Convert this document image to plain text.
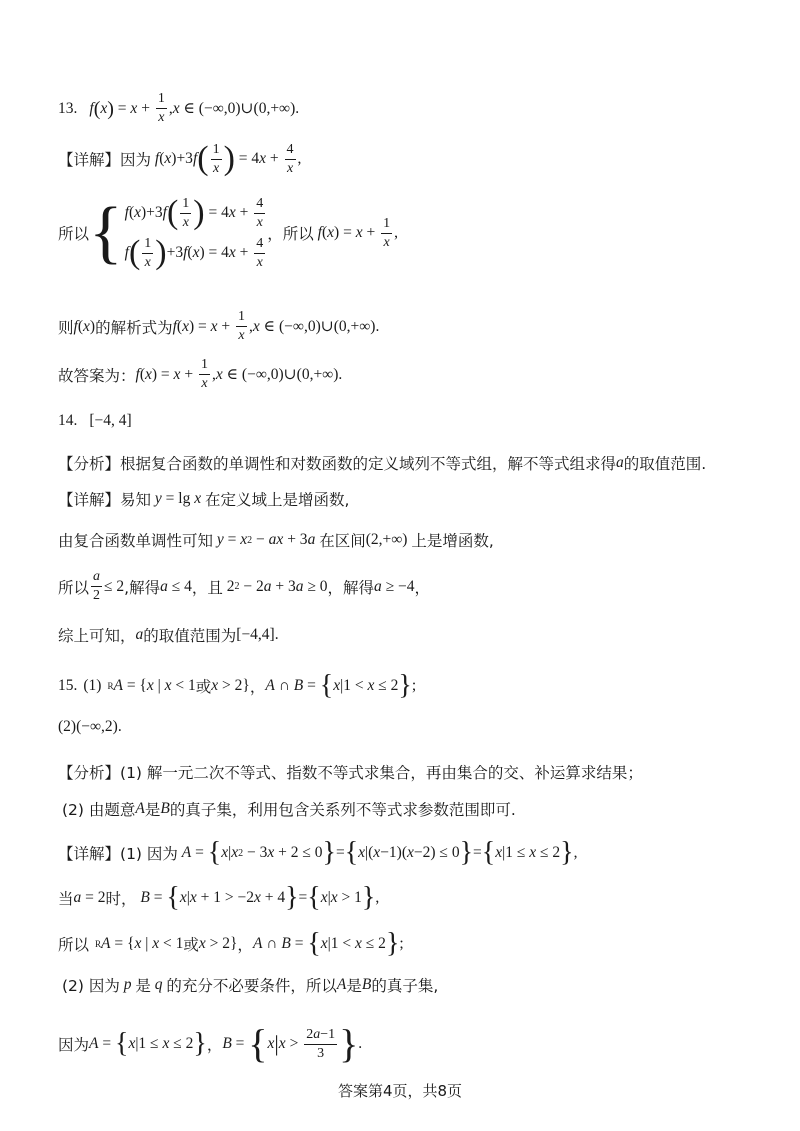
13. f ( x ) = $x + \frac{1}{x}$ , x ∈ (−∞,0)∪(0,+∞).
【详解】 因为 f ( x )+3 f ( $\frac{1}{x}$ ) = 4 $x + \frac{4}{x}$ ,
所以 { f ( x )+3 f ( $\frac{1}{x}$ ) = 4 $x + \frac{4}{x}$
f ( $\frac{1}{x}$ ) +3 f ( x ) = 4 $x + \frac{4}{x}$
，所以 f ( x ) = $x + \frac{1}{x}$ ,
则 f ( x ) 的解析式为 f ( x ) = $x + \frac{1}{x}$ , x ∈ (−∞,0)∪(0,+∞).
故答案为： f ( x ) = $x + \frac{1}{x}$ , x ∈ (−∞,0)∪(0,+∞).
14. [−4, 4]
【分析】 根据复合函数的单调性和对数函数的定义域列不等式组，解不等式组求得 a 的取值范围.
【详解】 易知 y = lg x 在定义域上是增函数,
由复合函数单调性可知 y = x 2 − ax + 3 a 在区间 (2,+∞) 上是增函数,
所以 $\frac{a}{2} \le 2$ ,解得 a ≤ 4 ，且 2 2 − 2 a + 3 a ≥ 0 ，解得 a ≥ −4 ，
综上可知， a 的取值范围为 [−4,4].
15. (1) R A = { x | x < 1 或 x > 2} ， A ∩ B = { x |1 < x ≤ 2 } ;
(2) (−∞,2).
【分析】 (1) 解一元二次不等式、指数不等式求集合，再由集合的交、补运算求结果；
(2) 由题意 A 是 B 的真子集，利用包含关系列不等式求参数范围即可.
【详解】 (1) 因为 A = { x | x 2 − 3 x + 2 ≤ 0 } = { x |( x −1)( x −2) ≤ 0 } = { x |1 ≤ x ≤ 2 } ,
当 a = 2 时， B = { x | x + 1 > −2 x + 4 } = { x | x > 1 } ,
所以 R A = { x | x < 1 或 x > 2} ， A ∩ B = { x |1 < x ≤ 2 } ;
(2) 因为 p 是 q 的充分不必要条件，所以 A 是 B 的真子集,
因为 A = { x |1 ≤ x ≤ 2 } ， B = { x | $x > \frac{2a-1}{3}$ } .
答案第4页，共8页
